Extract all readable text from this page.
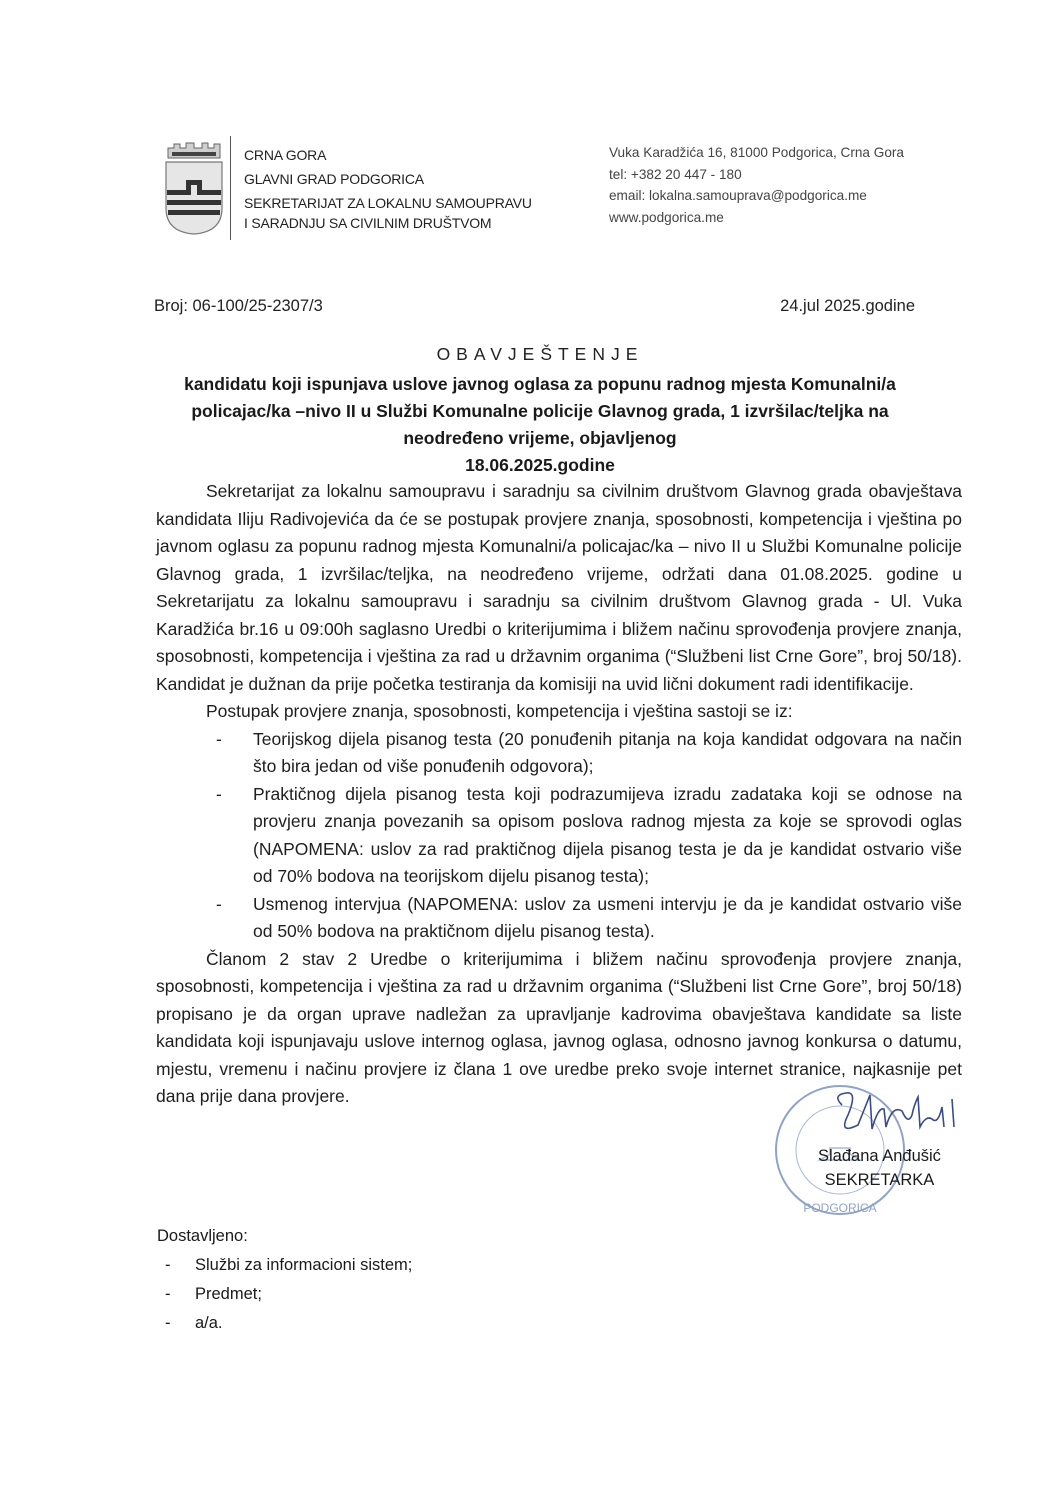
CRNA GORA
GLAVNI GRAD PODGORICA
SEKRETARIJAT ZA LOKALNU SAMOUPRAVU
I SARADNJU SA CIVILNIM DRUŠTVOM
Vuka Karadžića 16, 81000 Podgorica, Crna Gora
tel: +382 20 447 - 180
email: lokalna.samouprava@podgorica.me
www.podgorica.me
Broj: 06-100/25-2307/3	24.jul 2025.godine
OBAVJEŠTENJE
kandidatu koji ispunjava uslove javnog oglasa za popunu radnog mjesta Komunalni/a
policajac/ka –nivo II u Službi Komunalne policije Glavnog grada, 1 izvršilac/teljka na
neodređeno vrijeme, objavljenog
18.06.2025.godine

Sekretarijat za lokalnu samoupravu i saradnju sa civilnim društvom Glavnog grada obavještava kandidata Iliju Radivojevića da će se postupak provjere znanja, sposobnosti, kompetencija i vještina po javnom oglasu za popunu radnog mjesta Komunalni/a policajac/ka – nivo II u Službi Komunalne policije Glavnog grada, 1 izvršilac/teljka, na neodređeno vrijeme, održati dana 01.08.2025. godine u Sekretarijatu za lokalnu samoupravu i saradnju sa civilnim društvom Glavnog grada - Ul. Vuka Karadžića br.16 u 09:00h saglasno Uredbi o kriterijumima i bližem načinu sprovođenja provjere znanja, sposobnosti, kompetencija i vještina za rad u državnim organima (“Službeni list Crne Gore”, broj 50/18). Kandidat je dužnan da prije početka testiranja da komisiji na uvid lični dokument radi identifikacije.

Postupak provjere znanja, sposobnosti, kompetencija i vještina sastoji se iz:

- Teorijskog dijela pisanog testa (20 ponuđenih pitanja na koja kandidat odgovara na način što bira jedan od više ponuđenih odgovora);
- Praktičnog dijela pisanog testa koji podrazumijeva izradu zadataka koji se odnose na provjeru znanja povezanih sa opisom poslova radnog mjesta za koje se sprovodi oglas (NAPOMENA: uslov za rad praktičnog dijela pisanog testa je da je kandidat ostvario više od 70% bodova na teorijskom dijelu pisanog testa);
- Usmenog intervjua (NAPOMENA: uslov za usmeni intervju je da je kandidat ostvario više od 50% bodova na praktičnom dijelu pisanog testa).

Članom 2 stav 2 Uredbe o kriterijumima i bližem načinu sprovođenja provjere znanja, sposobnosti, kompetencija i vještina za rad u državnim organima (“Službeni list Crne Gore”, broj 50/18) propisano je da organ uprave nadležan za upravljanje kadrovima obavještava kandidate sa liste kandidata koji ispunjavaju uslove internog oglasa, javnog oglasa, odnosno javnog konkursa o datumu, mjestu, vremenu i načinu provjere iz člana 1 ove uredbe preko svoje internet stranice, najkasnije pet dana prije dana provjere.

PODGORICA
Slađana Anđušić
SEKRETARKA
Dostavljeno:
- Službi za informacioni sistem;
- Predmet;
- a/a.
